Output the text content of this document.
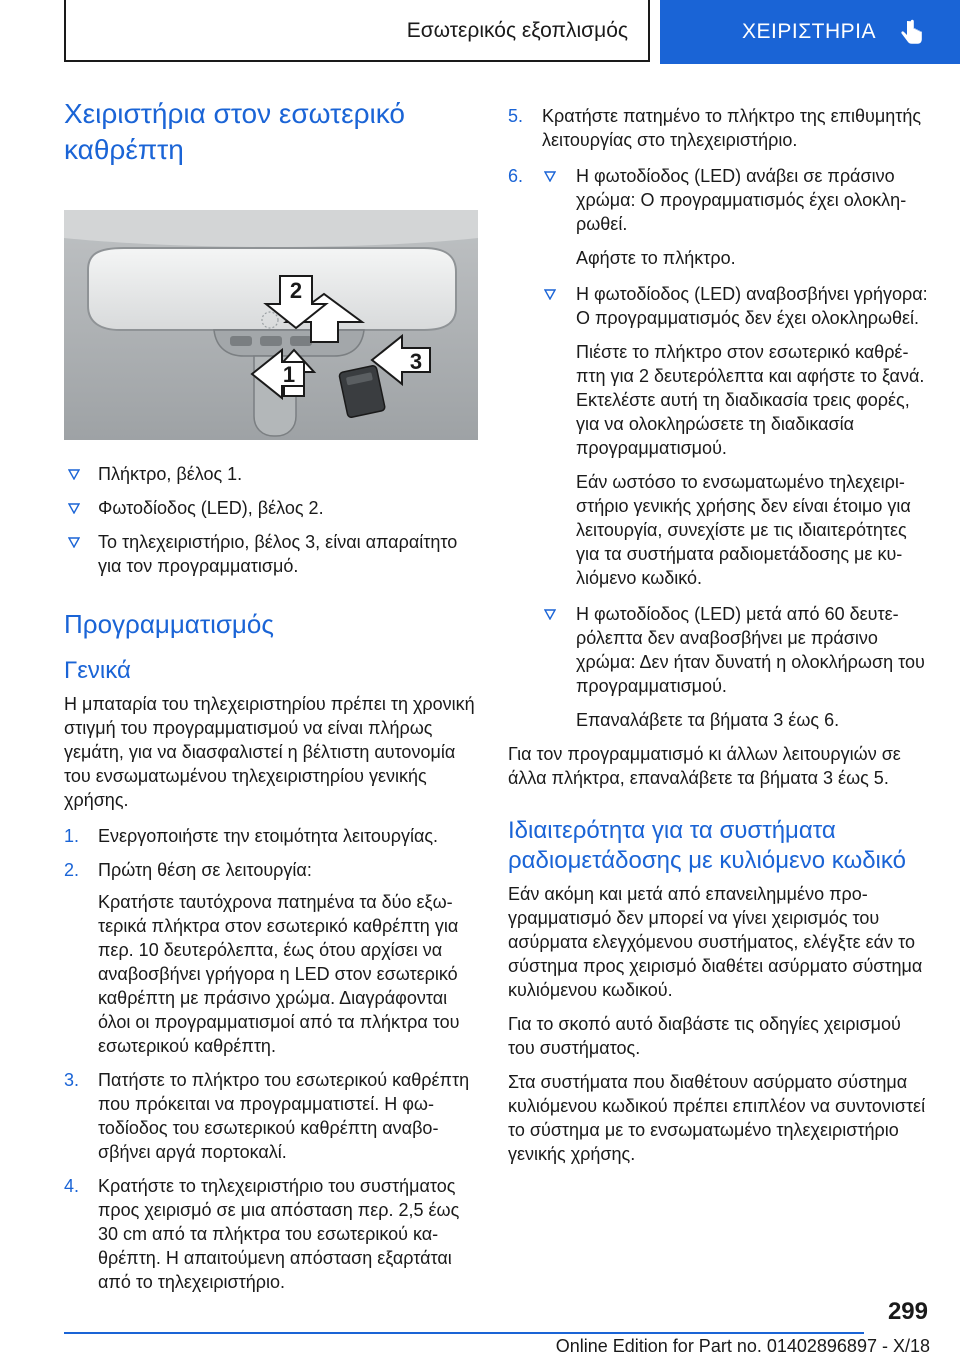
Εσωτερικός εξοπλισμός	ΧΕΙΡΙΣΤΗΡΙΑ
Χειριστήρια στον εσωτερικό καθρέπτη
2
1
3
Πλήκτρο, βέλος 1.
Φωτοδίοδος (LED), βέλος 2.
Το τηλεχειριστήριο, βέλος 3, είναι απαραίτητο για τον προγραμματισμό.
Προγραμματισμός
Γενικά

Η μπαταρία του τηλεχειριστηρίου πρέπει τη χρονική στιγμή του προγραμματισμού να είναι πλήρως γεμάτη, για να διασφαλιστεί η βέλτιστη αυτονομία του ενσωματωμένου τηλεχειριστηρίου γενικής χρήσης.

1. Ενεργοποιήστε την ετοιμότητα λειτουργίας.
2. Πρώτη θέση σε λειτουργία:
Κρατήστε ταυτόχρονα πατημένα τα δύο εξωτερικά πλήκτρα στον εσωτερικό καθρέπτη για περ. 10 δευτερόλεπτα, έως ότου αρχίσει να αναβοσβήνει γρήγορα η LED στον εσωτερικό καθρέπτη με πράσινο χρώμα. Διαγράφονται όλοι οι προγραμματισμοί από τα πλήκτρα του εσωτερικού καθρέπτη.
3. Πατήστε το πλήκτρο του εσωτερικού καθρέπτη που πρόκειται να προγραμματιστεί. Η φωτοδίοδος του εσωτερικού καθρέπτη αναβοσβήνει αργά πορτοκαλί.
4. Κρατήστε το τηλεχειριστήριο του συστήματος προς χειρισμό σε μια απόσταση περ. 2,5 έως 30 cm από τα πλήκτρα του εσωτερικού καθρέπτη. Η απαιτούμενη απόσταση εξαρτάται από το τηλεχειριστήριο.
5. Κρατήστε πατημένο το πλήκτρο της επιθυμητής λειτουργίας στο τηλεχειριστήριο.
6.	Η φωτοδίοδος (LED) ανάβει σε πράσινο χρώμα: Ο προγραμματισμός έχει ολοκληρωθεί.
Αφήστε το πλήκτρο.
Η φωτοδίοδος (LED) αναβοσβήνει γρήγορα: Ο προγραμματισμός δεν έχει ολοκληρωθεί.
Πιέστε το πλήκτρο στον εσωτερικό καθρέπτη για 2 δευτερόλεπτα και αφήστε το ξανά. Εκτελέστε αυτή τη διαδικασία τρεις φορές, για να ολοκληρώσετε τη διαδικασία προγραμματισμού.
Εάν ωστόσο το ενσωματωμένο τηλεχειριστήριο γενικής χρήσης δεν είναι έτοιμο για λειτουργία, συνεχίστε με τις ιδιαιτερότητες για τα συστήματα ραδιομετάδοσης με κυλιόμενο κωδικό.
Η φωτοδίοδος (LED) μετά από 60 δευτερόλεπτα δεν αναβοσβήνει με πράσινο χρώμα: Δεν ήταν δυνατή η ολοκλήρωση του προγραμματισμού.
Επαναλάβετε τα βήματα 3 έως 6.

Για τον προγραμματισμό κι άλλων λειτουργιών σε άλλα πλήκτρα, επαναλάβετε τα βήματα 3 έως 5.

Ιδιαιτερότητα για τα συστήματα ραδιομετάδοσης με κυλιόμενο κωδικό

Εάν ακόμη και μετά από επανειλημμένο προγραμματισμό δεν μπορεί να γίνει χειρισμός του ασύρματα ελεγχόμενου συστήματος, ελέγξτε εάν το σύστημα προς χειρισμό διαθέτει ασύρματο σύστημα κυλιόμενου κωδικού.

Για το σκοπό αυτό διαβάστε τις οδηγίες χειρισμού του συστήματος.

Στα συστήματα που διαθέτουν ασύρματο σύστημα κυλιόμενου κωδικού πρέπει επιπλέον να συντονιστεί το σύστημα με το ενσωματωμένο τηλεχειριστήριο γενικής χρήσης.

299
Online Edition for Part no. 01402896897 - X/18
